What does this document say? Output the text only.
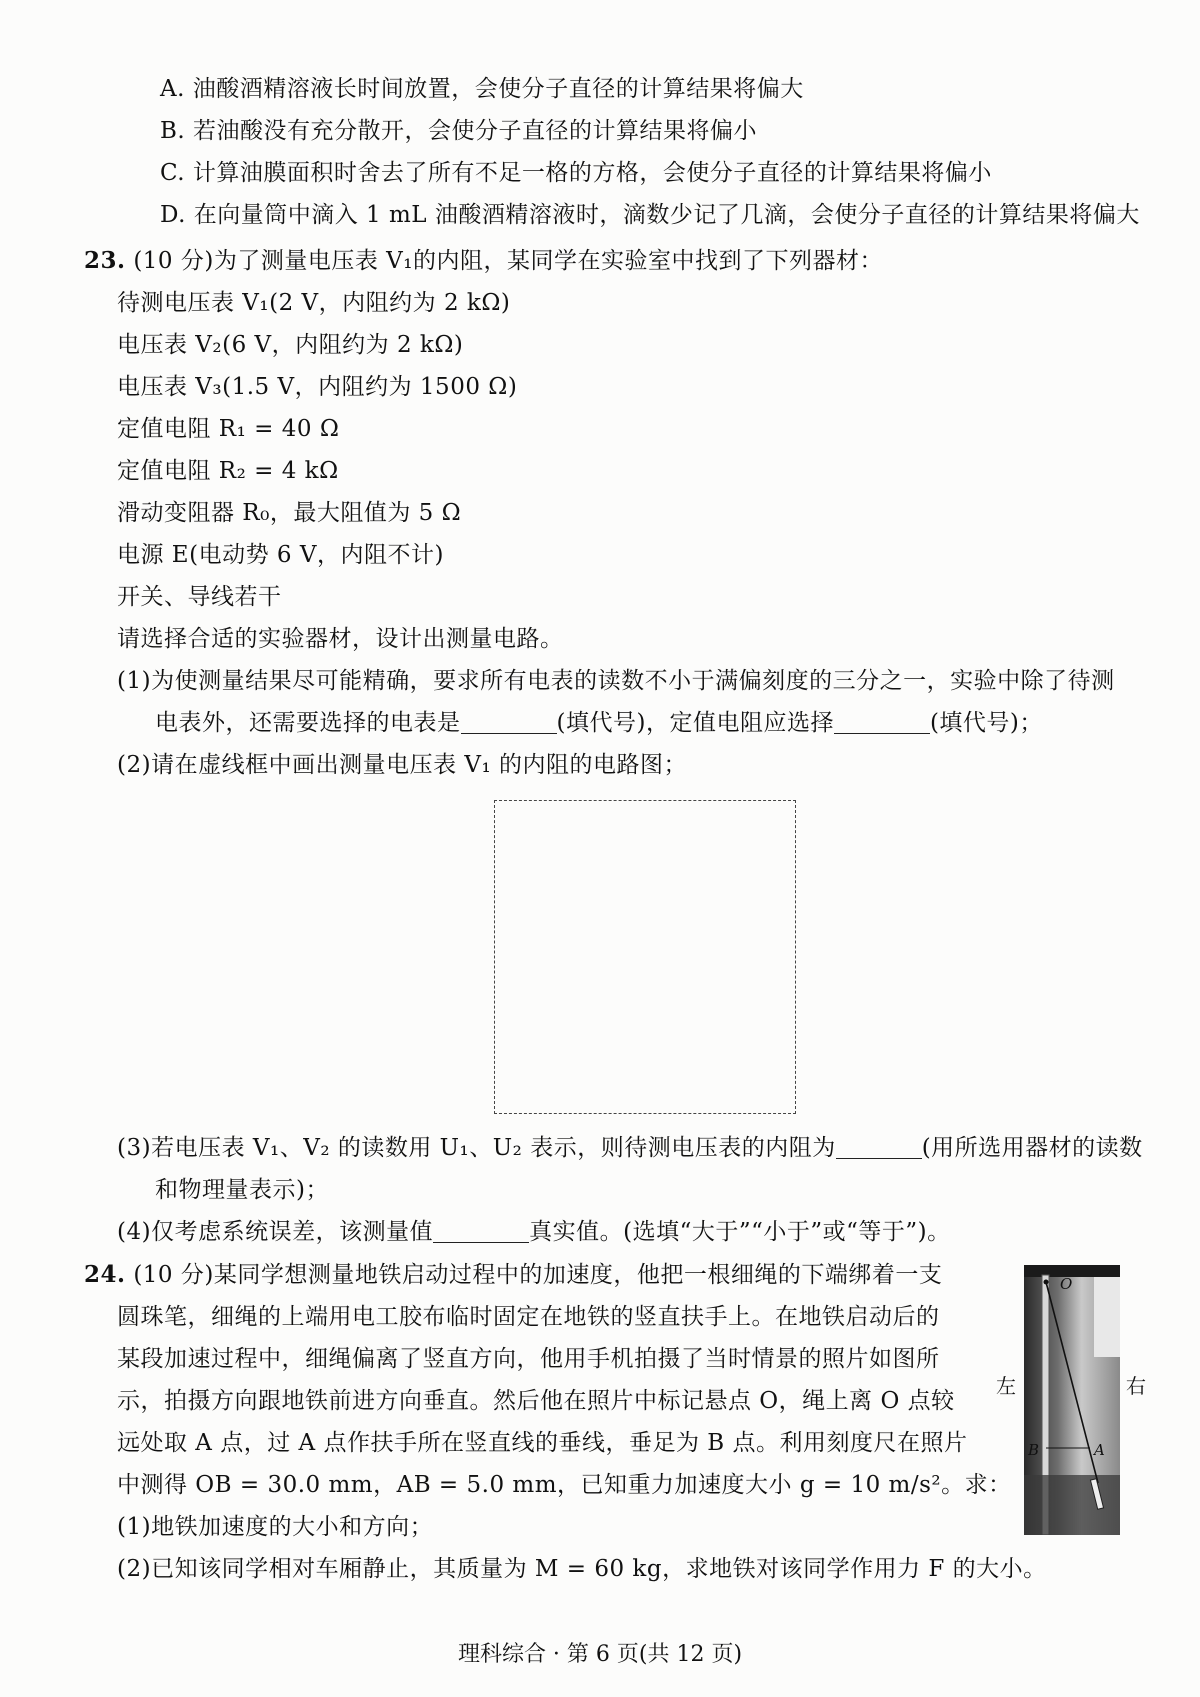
A. 油酸酒精溶液长时间放置，会使分子直径的计算结果将偏大
B. 若油酸没有充分散开，会使分子直径的计算结果将偏小
C. 计算油膜面积时舍去了所有不足一格的方格，会使分子直径的计算结果将偏小
D. 在向量筒中滴入 1 mL 油酸酒精溶液时，滴数少记了几滴，会使分子直径的计算结果将偏大
23. (10 分)为了测量电压表 V₁的内阻，某同学在实验室中找到了下列器材：
待测电压表 V₁(2 V，内阻约为 2 kΩ)
电压表 V₂(6 V，内阻约为 2 kΩ)
电压表 V₃(1.5 V，内阻约为 1500 Ω)
定值电阻 R₁ = 40 Ω
定值电阻 R₂ = 4 kΩ
滑动变阻器 R₀，最大阻值为 5 Ω
电源 E(电动势 6 V，内阻不计)
开关、导线若干
请选择合适的实验器材，设计出测量电路。
(1)为使测量结果尽可能精确，要求所有电表的读数不小于满偏刻度的三分之一，实验中除了待测
电表外，还需要选择的电表是	(填代号)，定值电阻应选择	(填代号)；
(2)请在虚线框中画出测量电压表 V₁ 的内阻的电路图；
(3)若电压表 V₁、V₂ 的读数用 U₁、U₂ 表示，则待测电压表的内阻为	(用所选用器材的读数
和物理量表示)；
(4)仅考虑系统误差，该测量值	真实值。(选填“大于”“小于”或“等于”)。
24. (10 分)某同学想测量地铁启动过程中的加速度，他把一根细绳的下端绑着一支
圆珠笔，细绳的上端用电工胶布临时固定在地铁的竖直扶手上。在地铁启动后的
某段加速过程中，细绳偏离了竖直方向，他用手机拍摄了当时情景的照片如图所
示，拍摄方向跟地铁前进方向垂直。然后他在照片中标记悬点 O，绳上离 O 点较
远处取 A 点，过 A 点作扶手所在竖直线的垂线，垂足为 B 点。利用刻度尺在照片
中测得 OB = 30.0 mm，AB = 5.0 mm，已知重力加速度大小 g = 10 m/s²。求：
(1)地铁加速度的大小和方向；
(2)已知该同学相对车厢静止，其质量为 M = 60 kg，求地铁对该同学作用力 F 的大小。
左	右
O
B	A
理科综合 · 第 6 页(共 12 页)
